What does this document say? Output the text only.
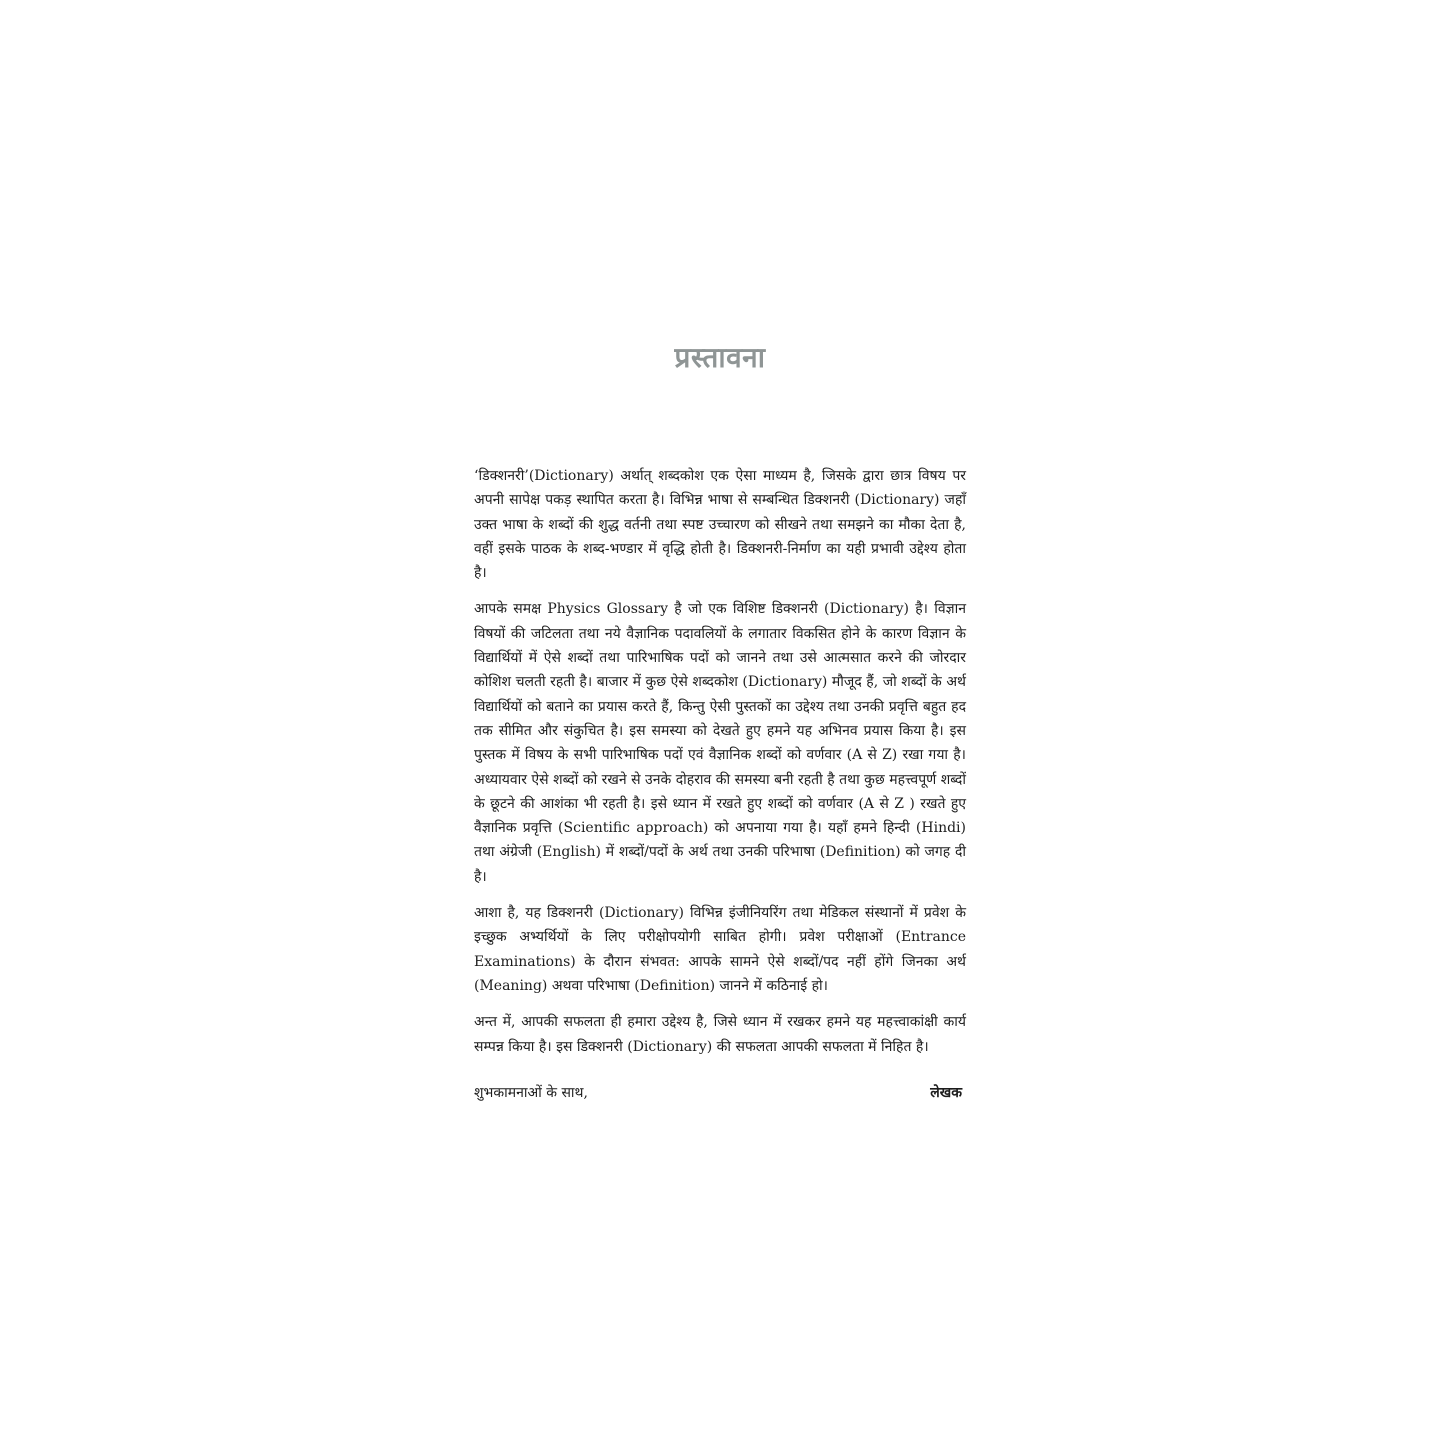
प्रस्तावना

‘डिक्शनरी’(Dictionary) अर्थात् शब्दकोश एक ऐसा माध्यम है, जिसके द्वारा छात्र विषय पर अपनी सापेक्ष पकड़ स्थापित करता है। विभिन्न भाषा से सम्बन्धित डिक्शनरी (Dictionary) जहाँ उक्त भाषा के शब्दों की शुद्ध वर्तनी तथा स्पष्ट उच्चारण को सीखने तथा समझने का मौका देता है, वहीं इसके पाठक के शब्द-भण्डार में वृद्धि होती है। डिक्शनरी-निर्माण का यही प्रभावी उद्देश्य होता है।

आपके समक्ष Physics Glossary है जो एक विशिष्ट डिक्शनरी (Dictionary) है। विज्ञान विषयों की जटिलता तथा नये वैज्ञानिक पदावलियों के लगातार विकसित होने के कारण विज्ञान के विद्यार्थियों में ऐसे शब्दों तथा पारिभाषिक पदों को जानने तथा उसे आत्मसात करने की जोरदार कोशिश चलती रहती है। बाजार में कुछ ऐसे शब्दकोश (Dictionary) मौजूद हैं, जो शब्दों के अर्थ विद्यार्थियों को बताने का प्रयास करते हैं, किन्तु ऐसी पुस्तकों का उद्देश्य तथा उनकी प्रवृत्ति बहुत हद तक सीमित और संकुचित है। इस समस्या को देखते हुए हमने यह अभिनव प्रयास किया है। इस पुस्तक में विषय के सभी पारिभाषिक पदों एवं वैज्ञानिक शब्दों को वर्णवार (A से Z) रखा गया है। अध्यायवार ऐसे शब्दों को रखने से उनके दोहराव की समस्या बनी रहती है तथा कुछ महत्त्वपूर्ण शब्दों के छूटने की आशंका भी रहती है। इसे ध्यान में रखते हुए शब्दों को वर्णवार (A से Z ) रखते हुए वैज्ञानिक प्रवृत्ति (Scientific approach) को अपनाया गया है। यहाँ हमने हिन्दी (Hindi) तथा अंग्रेजी (English) में शब्दों/पदों के अर्थ तथा उनकी परिभाषा (Definition) को जगह दी है।

आशा है, यह डिक्शनरी (Dictionary) विभिन्न इंजीनियरिंग तथा मेडिकल संस्थानों में प्रवेश के इच्छुक अभ्यर्थियों के लिए परीक्षोपयोगी साबित होगी। प्रवेश परीक्षाओं (Entrance Examinations) के दौरान संभवत: आपके सामने ऐसे शब्दों/पद नहीं होंगे जिनका अर्थ (Meaning) अथवा परिभाषा (Definition) जानने में कठिनाई हो।

अन्त में, आपकी सफलता ही हमारा उद्देश्य है, जिसे ध्यान में रखकर हमने यह महत्त्वाकांक्षी कार्य सम्पन्न किया है। इस डिक्शनरी (Dictionary) की सफलता आपकी सफलता में निहित है।

शुभकामनाओं के साथ,	लेखक
